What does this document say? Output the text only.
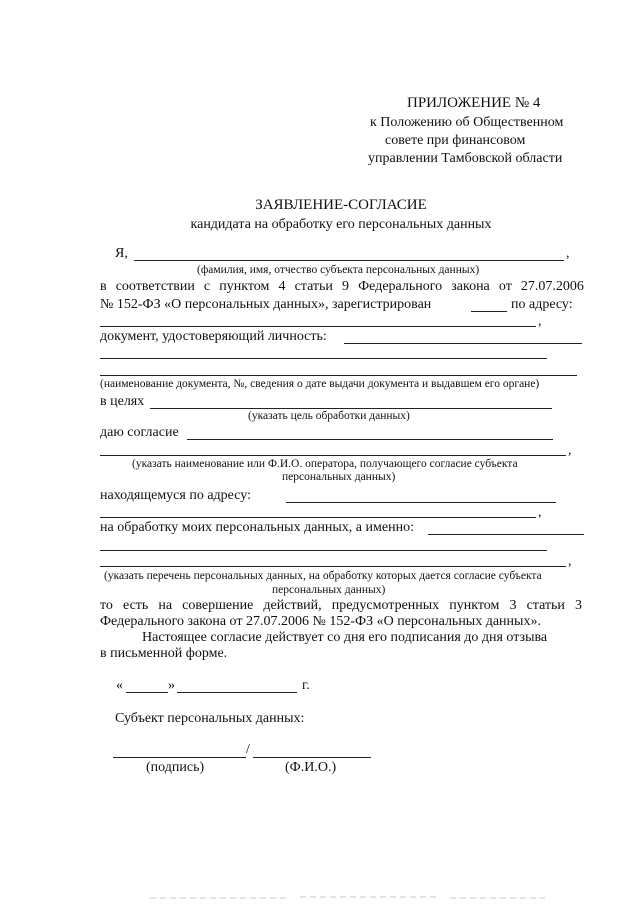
ПРИЛОЖЕНИЕ № 4
к Положению об Общественном
совете при финансовом
управлении Тамбовской области
ЗАЯВЛЕНИЕ-СОГЛАСИЕ
кандидата на обработку его персональных данных
Я,	,
(фамилия, имя, отчество субъекта персональных данных)
в соответствии с пунктом 4 статьи 9 Федерального закона от 27.07.2006
№ 152-ФЗ «О персональных данных», зарегистрирован	по адресу:
,
документ, удостоверяющий личность:
(наименование документа, №, сведения о дате выдачи документа и выдавшем его органе)
в целях
(указать цель обработки данных)
даю согласие
,
(указать наименование или Ф.И.О. оператора, получающего согласие субъекта
персональных данных)
находящемуся по адресу:
,
на обработку моих персональных данных, а именно:
,
(указать перечень персональных данных, на обработку которых дается согласие субъекта
персональных данных)
то есть на совершение действий, предусмотренных пунктом 3 статьи 3
Федерального закона от 27.07.2006 № 152-ФЗ «О персональных данных».
Настоящее согласие действует со дня его подписания до дня отзыва
в письменной форме.
«	»	г.
Субъект персональных данных:
/
(подпись)	(Ф.И.О.)
